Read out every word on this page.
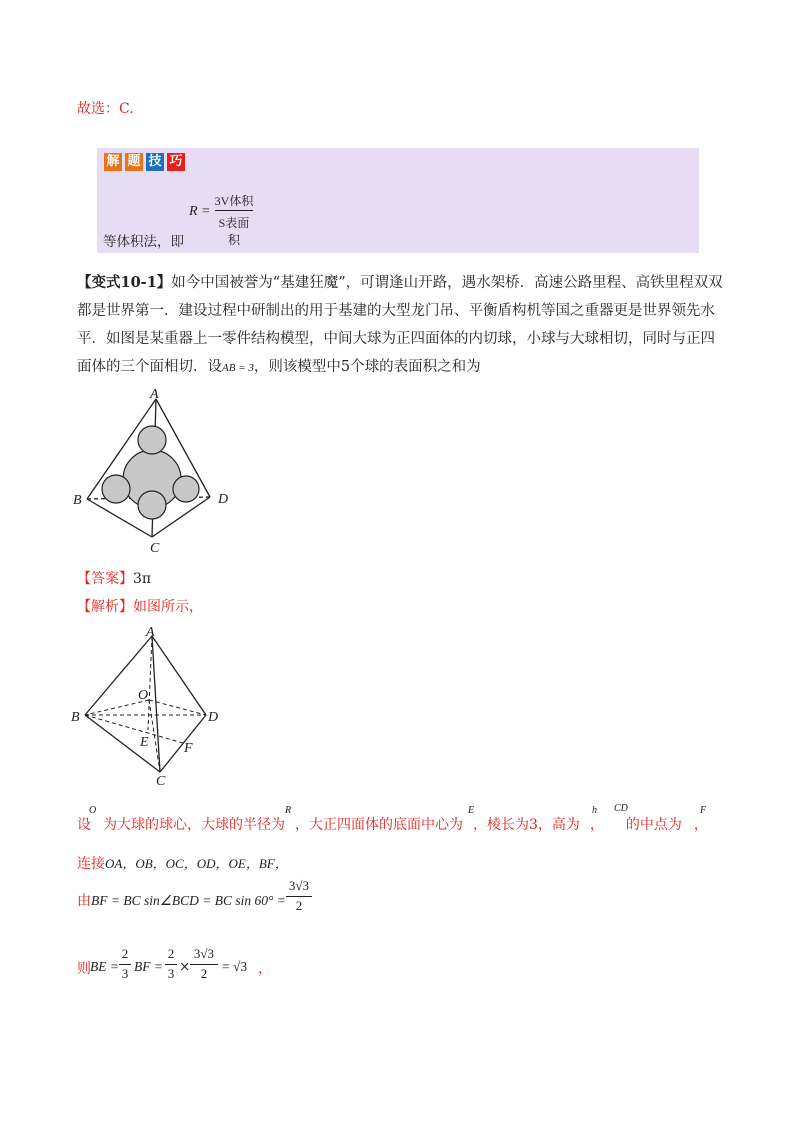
故选：C.
解 题 技 巧
R =
3V体积
S表面积
等体积法，即
【变式10-1】如今中国被誉为“基建狂魔”，可谓逢山开路，遇水架桥．高速公路里程、高铁里程双双都是世界第一．建设过程中研制出的用于基建的大型龙门吊、平衡盾构机等国之重器更是世界领先水平．如图是某重器上一零件结构模型，中间大球为正四面体的内切球，小球与大球相切，同时与正四面体的三个面相切．设AB = 3，则该模型中5个球的表面积之和为
A
B
C
D
【答案】3π
【解析】如图所示，
A
O
B	D
E	F
C
设 为大球的球心，大球的半径为 ，大正四面体的底面中心为 ，棱长为3，高为 ， 的中点为 ，
O	R	E	h CD	F
连接OA，OB，OC，OD，OE，BF，
由BF = BC sin∠BCD = BC sin 60° =
3√3
2
则 BE =
2
3 BF =
2
3 ×
3√3
2	= √3 ，
